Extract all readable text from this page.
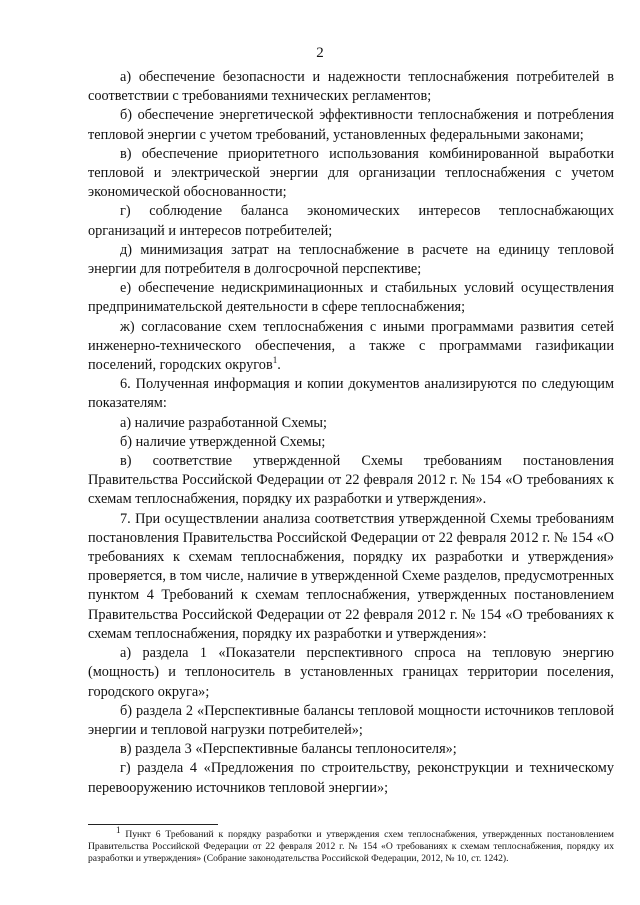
2

а) обеспечение безопасности и надежности теплоснабжения потребителей в соответствии с требованиями технических регламентов;

б) обеспечение энергетической эффективности теплоснабжения и потребления тепловой энергии с учетом требований, установленных федеральными законами;

в) обеспечение приоритетного использования комбинированной выработки тепловой и электрической энергии для организации теплоснабжения с учетом экономической обоснованности;

г) соблюдение баланса экономических интересов теплоснабжающих организаций и интересов потребителей;

д) минимизация затрат на теплоснабжение в расчете на единицу тепловой энергии для потребителя в долгосрочной перспективе;

е) обеспечение недискриминационных и стабильных условий осуществления предпринимательской деятельности в сфере теплоснабжения;

ж) согласование схем теплоснабжения с иными программами развития сетей инженерно-технического обеспечения, а также с программами газификации поселений, городских округов$^1$.

6. Полученная информация и копии документов анализируются по следующим показателям:

а) наличие разработанной Схемы;

б) наличие утвержденной Схемы;

в) соответствие утвержденной Схемы требованиям постановления Правительства Российской Федерации от 22 февраля 2012 г. № 154 «О требованиях к схемам теплоснабжения, порядку их разработки и утверждения».

7. При осуществлении анализа соответствия утвержденной Схемы требованиям постановления Правительства Российской Федерации от 22 февраля 2012 г. № 154 «О требованиях к схемам теплоснабжения, порядку их разработки и утверждения» проверяется, в том числе, наличие в утвержденной Схеме разделов, предусмотренных пунктом 4 Требований к схемам теплоснабжения, утвержденных постановлением Правительства Российской Федерации от 22 февраля 2012 г. № 154 «О требованиях к схемам теплоснабжения, порядку их разработки и утверждения»:

а) раздела 1 «Показатели перспективного спроса на тепловую энергию (мощность) и теплоноситель в установленных границах территории поселения, городского округа»;

б) раздела 2 «Перспективные балансы тепловой мощности источников тепловой энергии и тепловой нагрузки потребителей»;

в) раздела 3 «Перспективные балансы теплоносителя»;

г) раздела 4 «Предложения по строительству, реконструкции и техническому перевооружению источников тепловой энергии»;

$^1$ Пункт 6 Требований к порядку разработки и утверждения схем теплоснабжения, утвержденных постановлением Правительства Российской Федерации от 22 февраля 2012 г. № 154 «О требованиях к схемам теплоснабжения, порядку их разработки и утверждения» (Собрание законодательства Российской Федерации, 2012, № 10, ст. 1242).
